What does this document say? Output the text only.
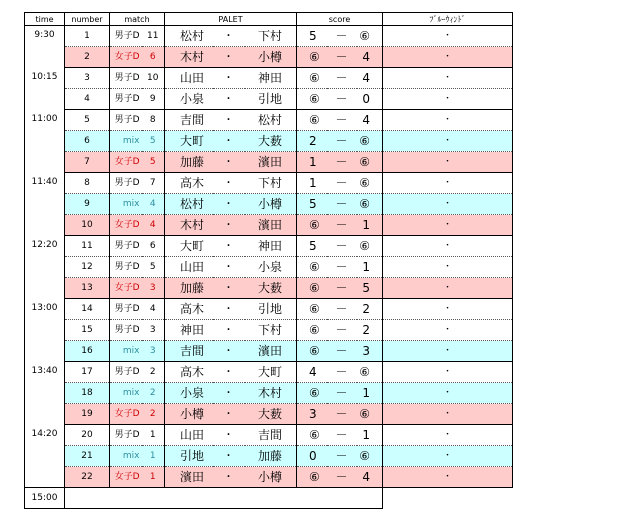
time	number	match		PALET			score			ﾌﾞﾙｰｳｨﾝﾄﾞ
9:30	1	男子D	11	松村	・	下村	5	－	⑥	・
	2	女子D	6	木村	・	小樽	⑥	－	4	・
10:15	3	男子D	10	山田	・	神田	⑥	－	4	・
	4	男子D	9	小泉	・	引地	⑥	－	0	・
11:00	5	男子D	8	吉間	・	松村	⑥	－	4	・
	6	mix	5	大町	・	大薮	2	－	⑥	・
	7	女子D	5	加藤	・	濱田	1	－	⑥	・
11:40	8	男子D	7	高木	・	下村	1	－	⑥	・
	9	mix	4	松村	・	小樽	5	－	⑥	・
	10	女子D	4	木村	・	濱田	⑥	－	1	・
12:20	11	男子D	6	大町	・	神田	5	－	⑥	・
	12	男子D	5	山田	・	小泉	⑥	－	1	・
	13	女子D	3	加藤	・	大薮	⑥	－	5	・
13:00	14	男子D	4	高木	・	引地	⑥	－	2	・
	15	男子D	3	神田	・	下村	⑥	－	2	・
	16	mix	3	吉間	・	濱田	⑥	－	3	・
13:40	17	男子D	2	高木	・	大町	4	－	⑥	・
	18	mix	2	小泉	・	木村	⑥	－	1	・
	19	女子D	2	小樽	・	大薮	3	－	⑥	・
14:20	20	男子D	1	山田	・	吉間	⑥	－	1	・
	21	mix	1	引地	・	加藤	0	－	⑥	・
	22	女子D	1	濱田	・	小樽	⑥	－	4	・
15:00										
